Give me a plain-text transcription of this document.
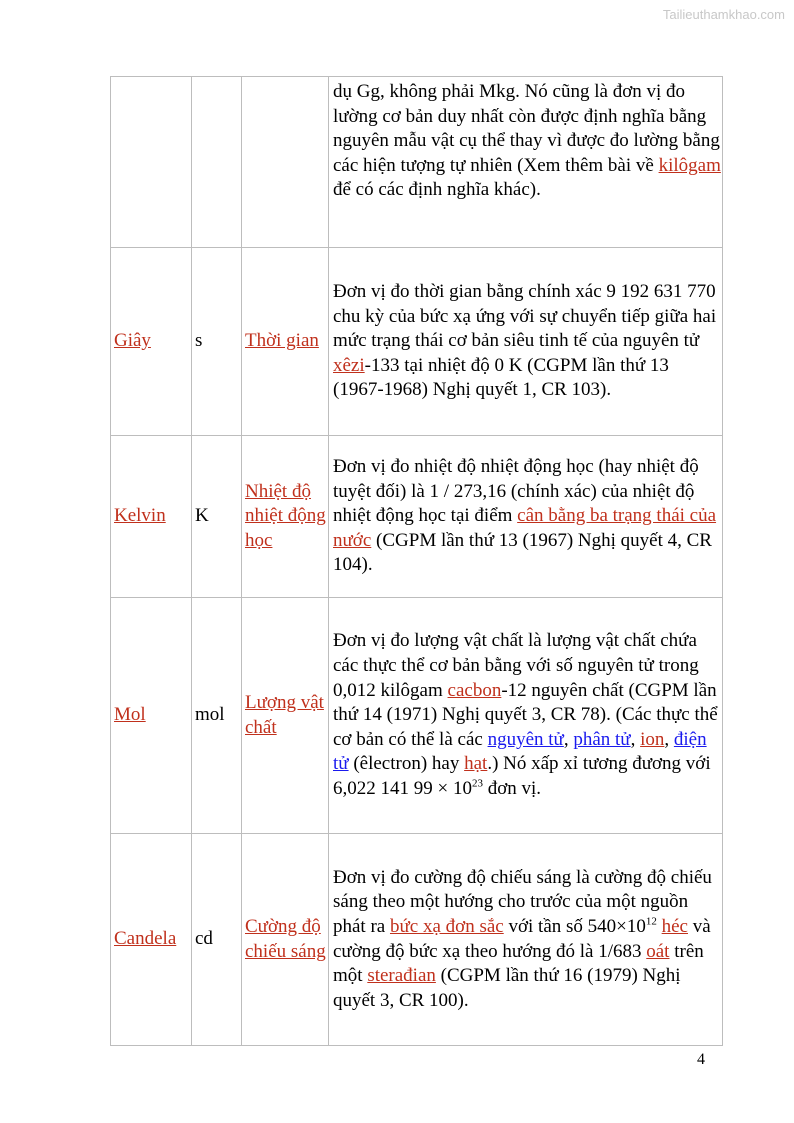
Tailieuthamkhao.com
			dụ Gg, không phải Mkg. Nó cũng là đơn vị đo lường cơ bản duy nhất còn được định nghĩa bằng nguyên mẫu vật cụ thể thay vì được đo lường bằng các hiện tượng tự nhiên (Xem thêm bài về kilôgam để có các định nghĩa khác).
Giây	s	Thời gian	Đơn vị đo thời gian bằng chính xác 9 192 631 770 chu kỳ của bức xạ ứng với sự chuyển tiếp giữa hai mức trạng thái cơ bản siêu tinh tế của nguyên tử xêzi-133 tại nhiệt độ 0 K (CGPM lần thứ 13 (1967-1968) Nghị quyết 1, CR 103).
Kelvin	K	Nhiệt độ nhiệt động học	Đơn vị đo nhiệt độ nhiệt động học (hay nhiệt độ tuyệt đối) là 1 / 273,16 (chính xác) của nhiệt độ nhiệt động học tại điểm cân bằng ba trạng thái của nước (CGPM lần thứ 13 (1967) Nghị quyết 4, CR 104).
Mol	mol	Lượng vật chất	Đơn vị đo lượng vật chất là lượng vật chất chứa các thực thể cơ bản bằng với số nguyên tử trong 0,012 kilôgam cacbon-12 nguyên chất (CGPM lần thứ 14 (1971) Nghị quyết 3, CR 78). (Các thực thể cơ bản có thể là các nguyên tử, phân tử, ion, điện tử (êlectron) hay hạt.) Nó xấp xỉ tương đương với 6,022 141 $99 \times 10^{23}$ đơn vị.
Candela	cd	Cường độ chiếu sáng	Đơn vị đo cường độ chiếu sáng là cường độ chiếu sáng theo một hướng cho trước của một nguồn phát ra bức xạ đơn sắc với tần số $540\times 10^{12}$ héc và cường độ bức xạ theo hướng đó là 1/683 oát trên một sterađian (CGPM lần thứ 16 (1979) Nghị quyết 3, CR 100).
4
